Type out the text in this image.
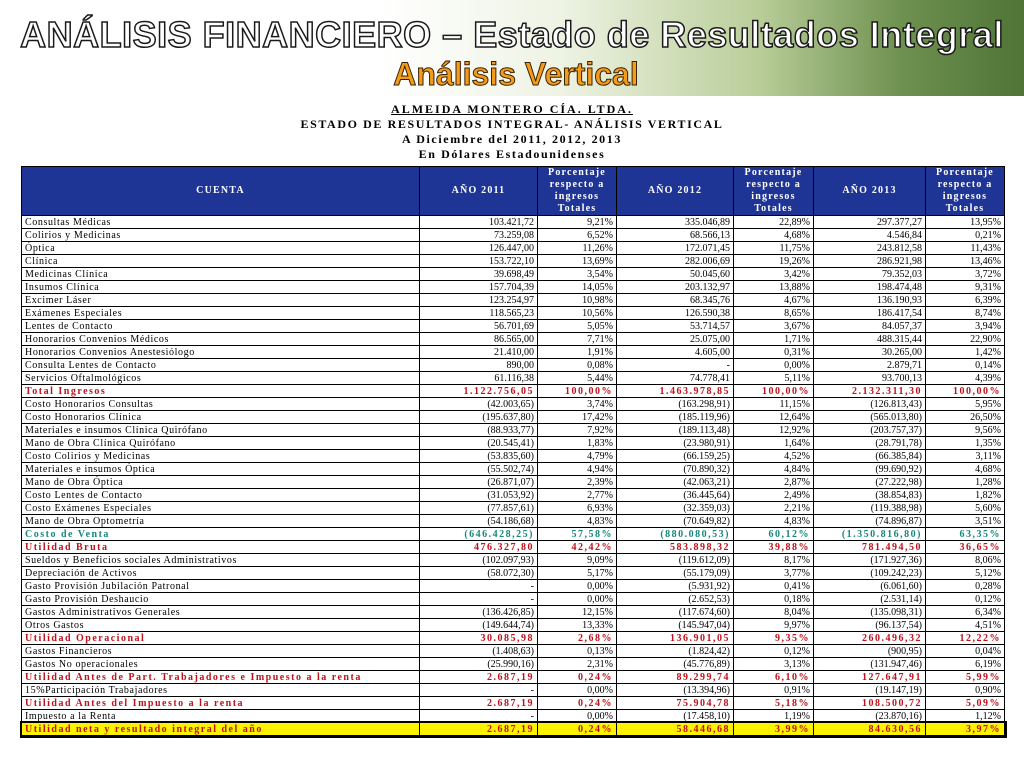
ANÁLISIS FINANCIERO – Estado de Resultados Integral
Análisis Vertical
ALMEIDA MONTERO CÍA. LTDA.
ESTADO DE RESULTADOS INTEGRAL- ANÁLISIS VERTICAL
A Diciembre del 2011, 2012, 2013
En Dólares Estadounidenses
CUENTA	AÑO 2011	Porcentaje respecto a ingresos Totales	AÑO 2012	Porcentaje respecto a ingresos Totales	AÑO 2013	Porcentaje respecto a ingresos Totales
Consultas Médicas	103.421,72	9,21%	335.046,89	22,89%	297.377,27	13,95%
Colirios y Medicinas	73.259,08	6,52%	68.566,13	4,68%	4.546,84	0,21%
Óptica	126.447,00	11,26%	172.071,45	11,75%	243.812,58	11,43%
Clínica	153.722,10	13,69%	282.006,69	19,26%	286.921,98	13,46%
Medicinas Clínica	39.698,49	3,54%	50.045,60	3,42%	79.352,03	3,72%
Insumos Clínica	157.704,39	14,05%	203.132,97	13,88%	198.474,48	9,31%
Excimer Láser	123.254,97	10,98%	68.345,76	4,67%	136.190,93	6,39%
Exámenes Especiales	118.565,23	10,56%	126.590,38	8,65%	186.417,54	8,74%
Lentes de Contacto	56.701,69	5,05%	53.714,57	3,67%	84.057,37	3,94%
Honorarios Convenios Médicos	86.565,00	7,71%	25.075,00	1,71%	488.315,44	22,90%
Honorarios Convenios Anestesiólogo	21.410,00	1,91%	4.605,00	0,31%	30.265,00	1,42%
Consulta Lentes de Contacto	890,00	0,08%	-	0,00%	2.879,71	0,14%
Servicios Oftalmológicos	61.116,38	5,44%	74.778,41	5,11%	93.700,13	4,39%
Total Ingresos	1.122.756,05	100,00%	1.463.978,85	100,00%	2.132.311,30	100,00%
Costo Honorarios Consultas	(42.003,65)	3,74%	(163.298,91)	11,15%	(126.813,43)	5,95%
Costo Honorarios Clínica	(195.637,80)	17,42%	(185.119,96)	12,64%	(565.013,80)	26,50%
Materiales e insumos Clínica Quirófano	(88.933,77)	7,92%	(189.113,48)	12,92%	(203.757,37)	9,56%
Mano de Obra Clínica Quirófano	(20.545,41)	1,83%	(23.980,91)	1,64%	(28.791,78)	1,35%
Costo Colirios y Medicinas	(53.835,60)	4,79%	(66.159,25)	4,52%	(66.385,84)	3,11%
Materiales e insumos Óptica	(55.502,74)	4,94%	(70.890,32)	4,84%	(99.690,92)	4,68%
Mano de Obra Óptica	(26.871,07)	2,39%	(42.063,21)	2,87%	(27.222,98)	1,28%
Costo Lentes de Contacto	(31.053,92)	2,77%	(36.445,64)	2,49%	(38.854,83)	1,82%
Costo Exámenes Especiales	(77.857,61)	6,93%	(32.359,03)	2,21%	(119.388,98)	5,60%
Mano de Obra Optometría	(54.186,68)	4,83%	(70.649,82)	4,83%	(74.896,87)	3,51%
Costo de Venta	(646.428,25)	57,58%	(880.080,53)	60,12%	(1.350.816,80)	63,35%
Utilidad Bruta	476.327,80	42,42%	583.898,32	39,88%	781.494,50	36,65%
Sueldos y Beneficios sociales Administrativos	(102.097,93)	9,09%	(119.612,09)	8,17%	(171.927,36)	8,06%
Depreciación de Activos	(58.072,30)	5,17%	(55.179,09)	3,77%	(109.242,23)	5,12%
Gasto Provisión Jubilación Patronal	-	0,00%	(5.931,92)	0,41%	(6.061,60)	0,28%
Gasto Provisión Deshaucio	-	0,00%	(2.652,53)	0,18%	(2.531,14)	0,12%
Gastos Administrativos Generales	(136.426,85)	12,15%	(117.674,60)	8,04%	(135.098,31)	6,34%
Otros Gastos	(149.644,74)	13,33%	(145.947,04)	9,97%	(96.137,54)	4,51%
Utilidad Operacional	30.085,98	2,68%	136.901,05	9,35%	260.496,32	12,22%
Gastos Financieros	(1.408,63)	0,13%	(1.824,42)	0,12%	(900,95)	0,04%
Gastos No operacionales	(25.990,16)	2,31%	(45.776,89)	3,13%	(131.947,46)	6,19%
Utilidad Antes de Part. Trabajadores e Impuesto a la renta	2.687,19	0,24%	89.299,74	6,10%	127.647,91	5,99%
15%Participación Trabajadores	-	0,00%	(13.394,96)	0,91%	(19.147,19)	0,90%
Utilidad Antes del Impuesto a la renta	2.687,19	0,24%	75.904,78	5,18%	108.500,72	5,09%
Impuesto a la Renta	-	0,00%	(17.458,10)	1,19%	(23.870,16)	1,12%
Utilidad neta y resultado integral del año	2.687,19	0,24%	58.446,68	3,99%	84.630,56	3,97%
